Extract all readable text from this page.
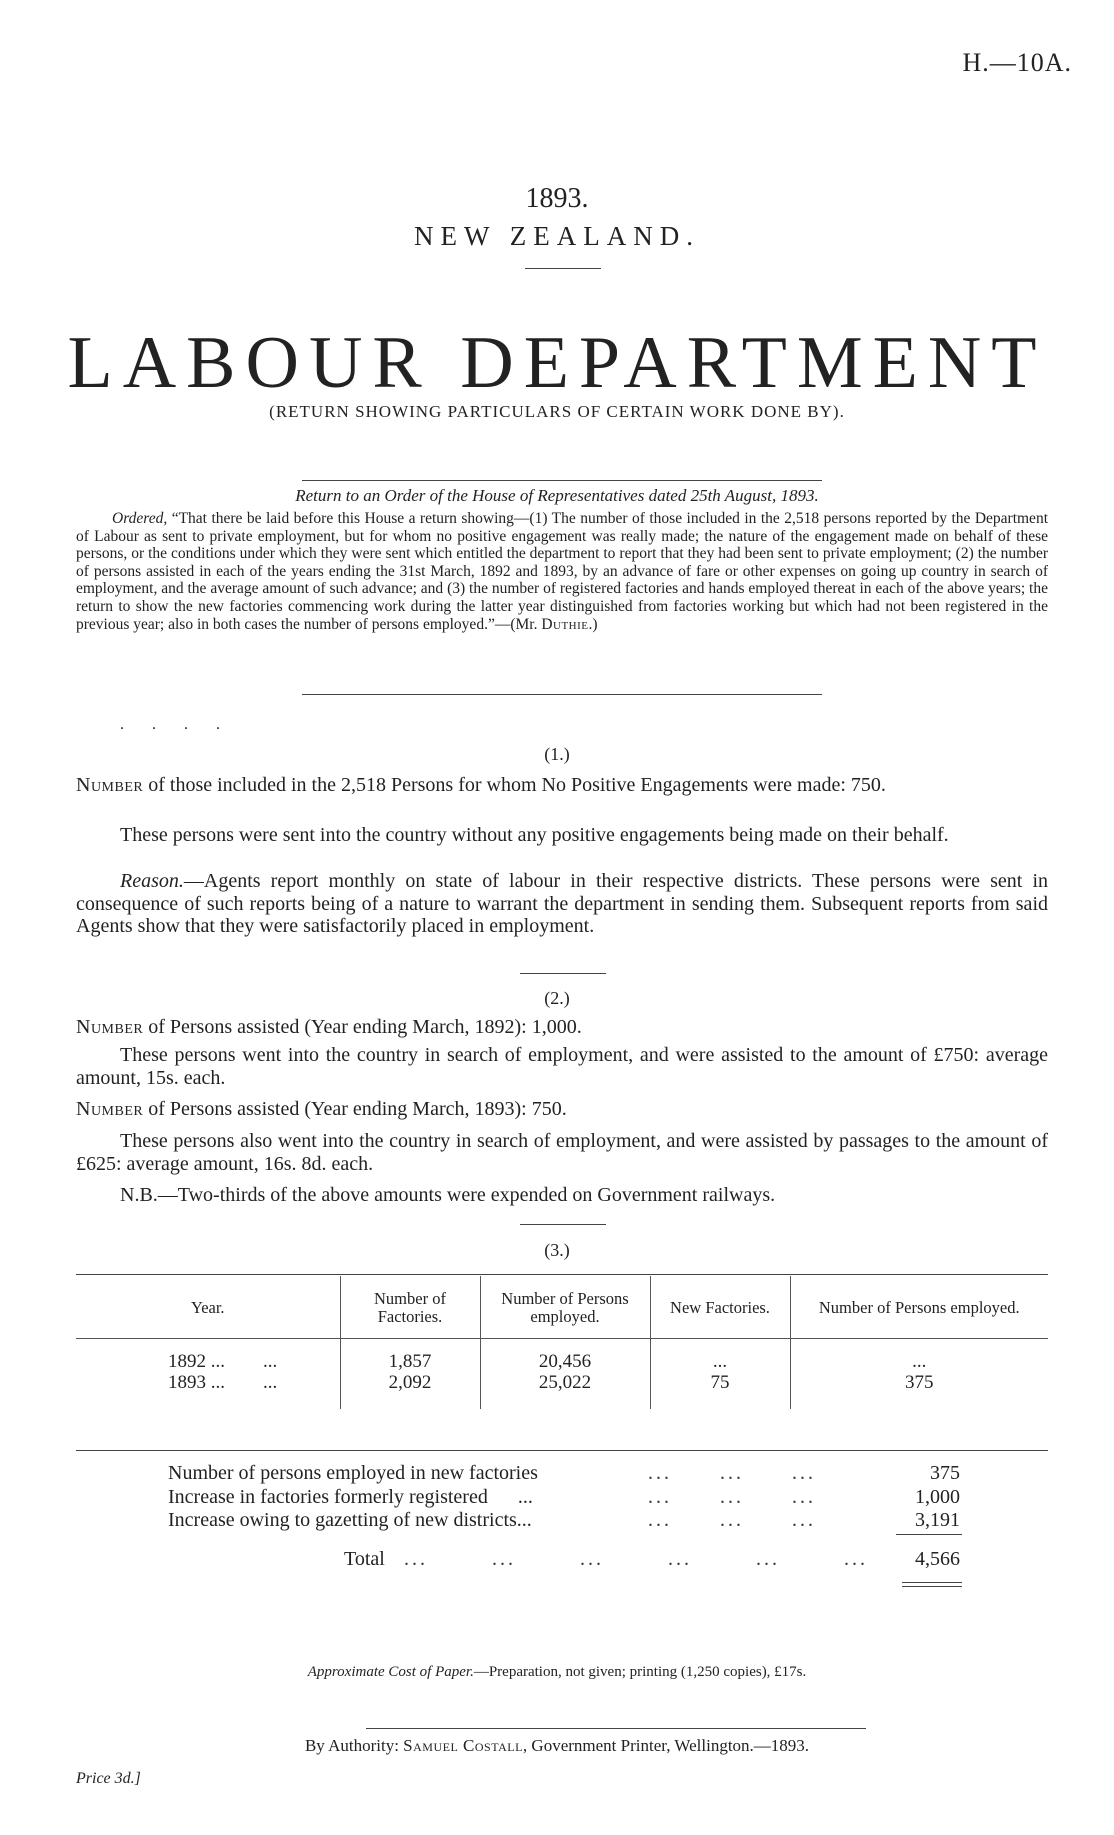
H.—10A.
1893.
NEW ZEALAND.
LABOUR DEPARTMENT
(RETURN SHOWING PARTICULARS OF CERTAIN WORK DONE BY).
Return to an Order of the House of Representatives dated 25th August, 1893.
Ordered, “That there be laid before this House a return showing—(1) The number of those included in the 2,518 persons reported by the Department of Labour as sent to private employment, but for whom no positive engagement was really made; the nature of the engagement made on behalf of these persons, or the conditions under which they were sent which entitled the department to report that they had been sent to private employment; (2) the number of persons assisted in each of the years ending the 31st March, 1892 and 1893, by an advance of fare or other expenses on going up country in search of employment, and the average amount of such advance; and (3) the number of registered factories and hands employed thereat in each of the above years; the return to show the new factories commencing work during the latter year distinguished from factories working but which had not been registered in the previous year; also in both cases the number of persons employed.”—(Mr. Duthie.)
. . . .
(1.)
Number of those included in the 2,518 Persons for whom No Positive Engagements were made: 750.
These persons were sent into the country without any positive engagements being made on their behalf.
Reason.—Agents report monthly on state of labour in their respective districts. These persons were sent in consequence of such reports being of a nature to warrant the department in sending them. Subsequent reports from said Agents show that they were satisfactorily placed in employment.
(2.)
Number of Persons assisted (Year ending March, 1892): 1,000.
These persons went into the country in search of employment, and were assisted to the amount of £750: average amount, 15s. each.
Number of Persons assisted (Year ending March, 1893): 750.
These persons also went into the country in search of employment, and were assisted by passages to the amount of £625: average amount, 16s. 8d. each.
N.B.—Two-thirds of the above amounts were expended on Government railways.
(3.)
Year.	Number of Factories.	Number of Persons employed.	New Factories.	Number of Persons employed.

1892 ...        ...	1,857	20,456	...	...
1893 ...        ...	2,092	25,022	75	375
Number of persons employed in new factories	...      ...      ...	375
Increase in factories formerly registered      ...	...      ...      ...	1,000
Increase owing to gazetting of new districts...	...      ...      ...	3,191
Total ...        ...        ...        ...        ...        ...	4,566
Approximate Cost of Paper.—Preparation, not given; printing (1,250 copies), £17s.
By Authority: Samuel Costall, Government Printer, Wellington.—1893.
Price 3d.]
